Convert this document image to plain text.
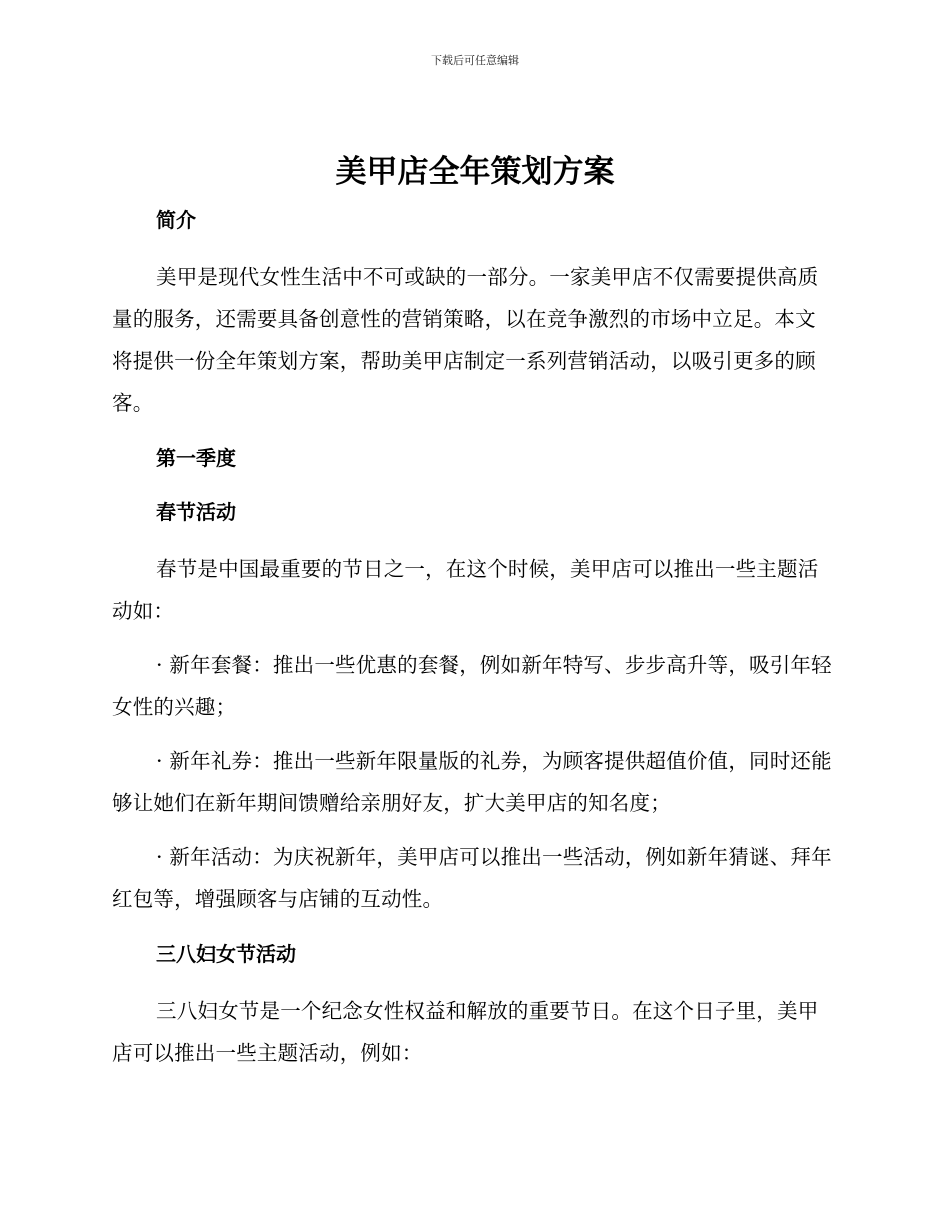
下载后可任意编辑
美甲店全年策划方案
简介

美甲是现代女性生活中不可或缺的一部分。一家美甲店不仅需要提供高质量的服务，还需要具备创意性的营销策略，以在竞争激烈的市场中立足。本文将提供一份全年策划方案，帮助美甲店制定一系列营销活动，以吸引更多的顾客。

第一季度
春节活动

春节是中国最重要的节日之一，在这个时候，美甲店可以推出一些主题活动如：

· 新年套餐：推出一些优惠的套餐，例如新年特写、步步高升等，吸引年轻女性的兴趣；

· 新年礼券：推出一些新年限量版的礼券，为顾客提供超值价值，同时还能够让她们在新年期间馈赠给亲朋好友，扩大美甲店的知名度；

· 新年活动：为庆祝新年，美甲店可以推出一些活动，例如新年猜谜、拜年红包等，增强顾客与店铺的互动性。

三八妇女节活动

三八妇女节是一个纪念女性权益和解放的重要节日。在这个日子里，美甲店可以推出一些主题活动，例如：
